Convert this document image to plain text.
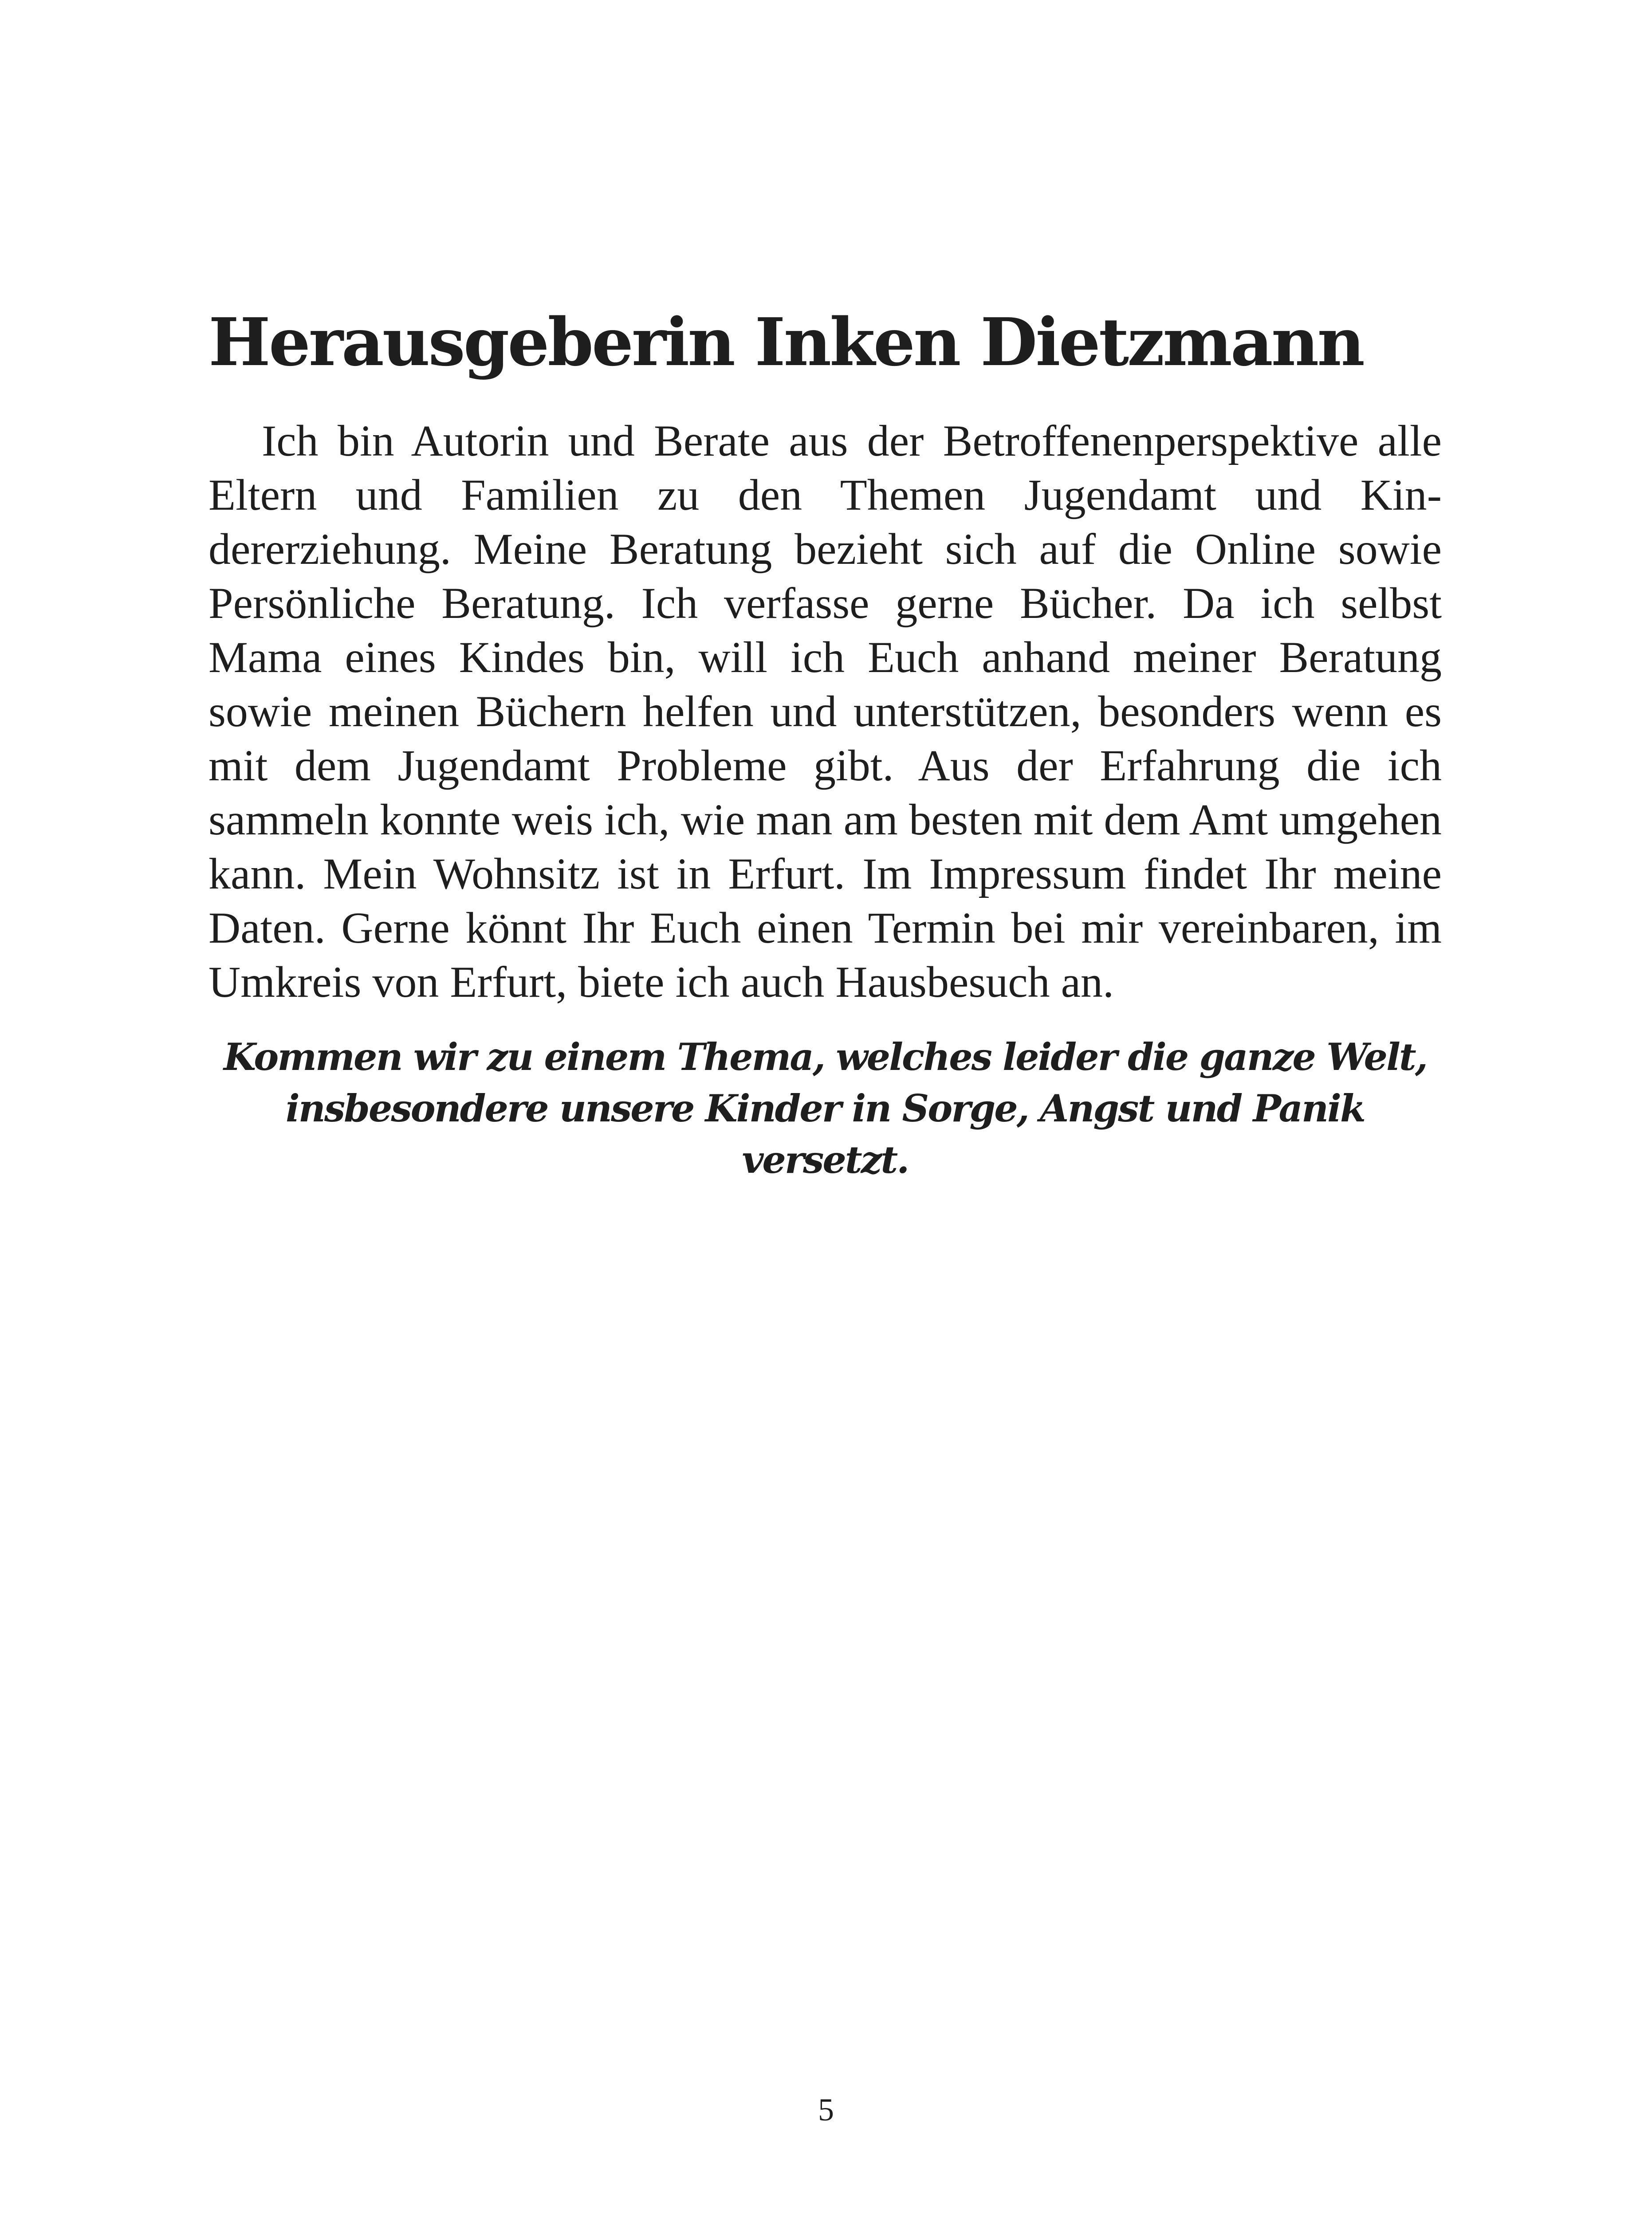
Herausgeberin Inken Dietzmann

Ich bin Autorin und Berate aus der Betroffenenperspektive alle Eltern und Familien zu den Themen Jugendamt und Kindererziehung. Meine Beratung bezieht sich auf die Online sowie Persönliche Beratung. Ich verfasse gerne Bücher. Da ich selbst Mama eines Kindes bin, will ich Euch anhand meiner Beratung sowie meinen Büchern helfen und unterstützen, besonders wenn es mit dem Jugendamt Probleme gibt. Aus der Erfahrung die ich sammeln konnte weis ich, wie man am besten mit dem Amt umgehen kann. Mein Wohnsitz ist in Erfurt. Im Impressum findet Ihr meine Daten. Gerne könnt Ihr Euch einen Termin bei mir vereinbaren, im Umkreis von Erfurt, biete ich auch Hausbesuch an.

Kommen wir zu einem Thema, welches leider die ganze Welt, insbesondere unsere Kinder in Sorge, Angst und Panik versetzt.

5
